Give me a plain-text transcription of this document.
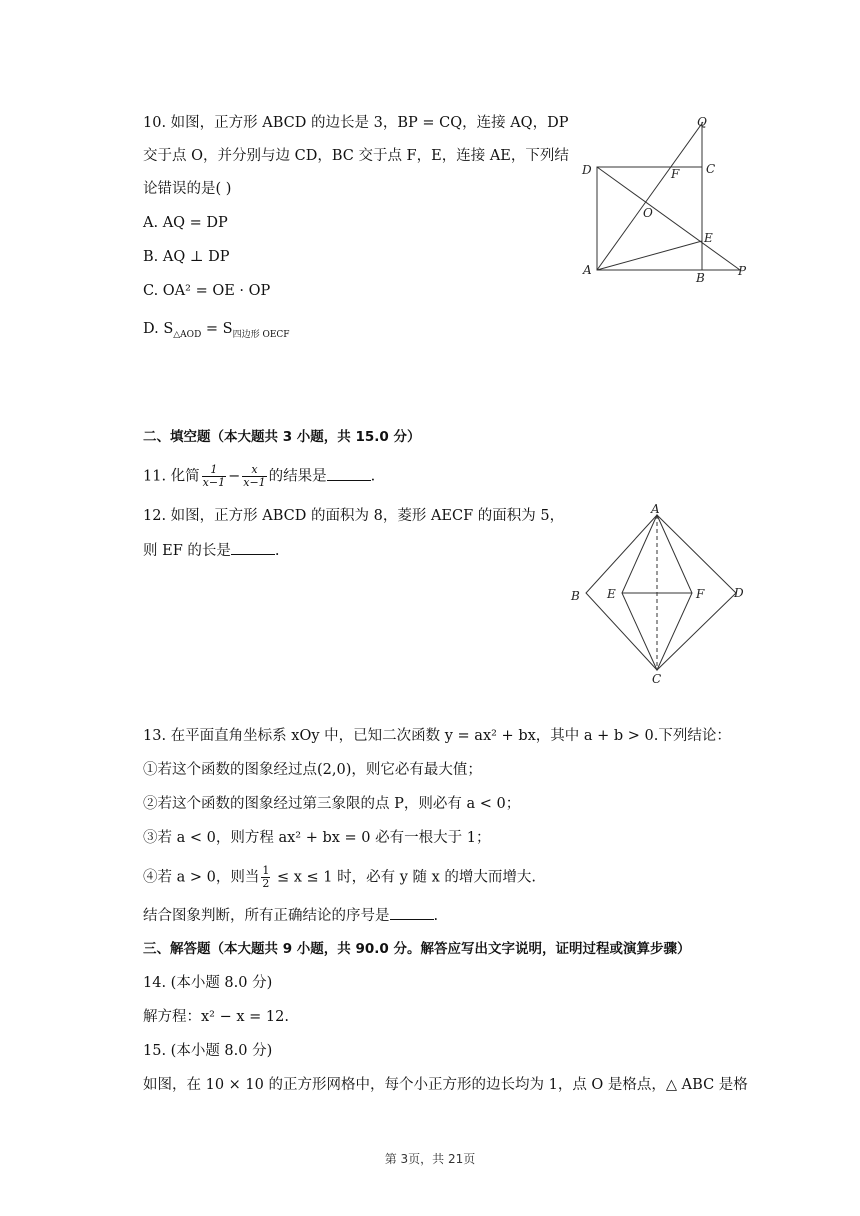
10. 如图，正方形 ABCD 的边长是 3，BP = CQ，连接 AQ，DP
交于点 O，并分别与边 CD，BC 交于点 F，E，连接 AE，下列结
论错误的是( )
A. AQ = DP
B. AQ ⊥ DP
C. OA² = OE · OP
D. $S_{\triangle AOD} = S_{四边形 OECF}$
Q
D	C
F
O
E
A
B	P
二、填空题（本大题共 3 小题，共 15.0 分）
11. 化简 $\frac{1}{x-1} - \frac{x}{x-1}$ 的结果是	.
12. 如图，正方形 ABCD 的面积为 8，菱形 AECF 的面积为 5，
则 EF 的长是	.
A
B E	F D
C
13. 在平面直角坐标系 xOy 中，已知二次函数 y = ax² + bx，其中 a + b > 0.下列结论：
①若这个函数的图象经过点(2,0)，则它必有最大值；
②若这个函数的图象经过第三象限的点 P，则必有 a < 0；
③若 a < 0，则方程 ax² + bx = 0 必有一根大于 1；
④若 a > 0，则当 $\frac{1}{2} \le x \le 1$ 时，必有 y 随 x 的增大而增大.
结合图象判断，所有正确结论的序号是	.
三、解答题（本大题共 9 小题，共 90.0 分。解答应写出文字说明，证明过程或演算步骤）
14. (本小题 8.0 分)
解方程：x² − x = 12.
15. (本小题 8.0 分)
如图，在 10 × 10 的正方形网格中，每个小正方形的边长均为 1，点 O 是格点，△ ABC 是格
第 3页，共 21页
